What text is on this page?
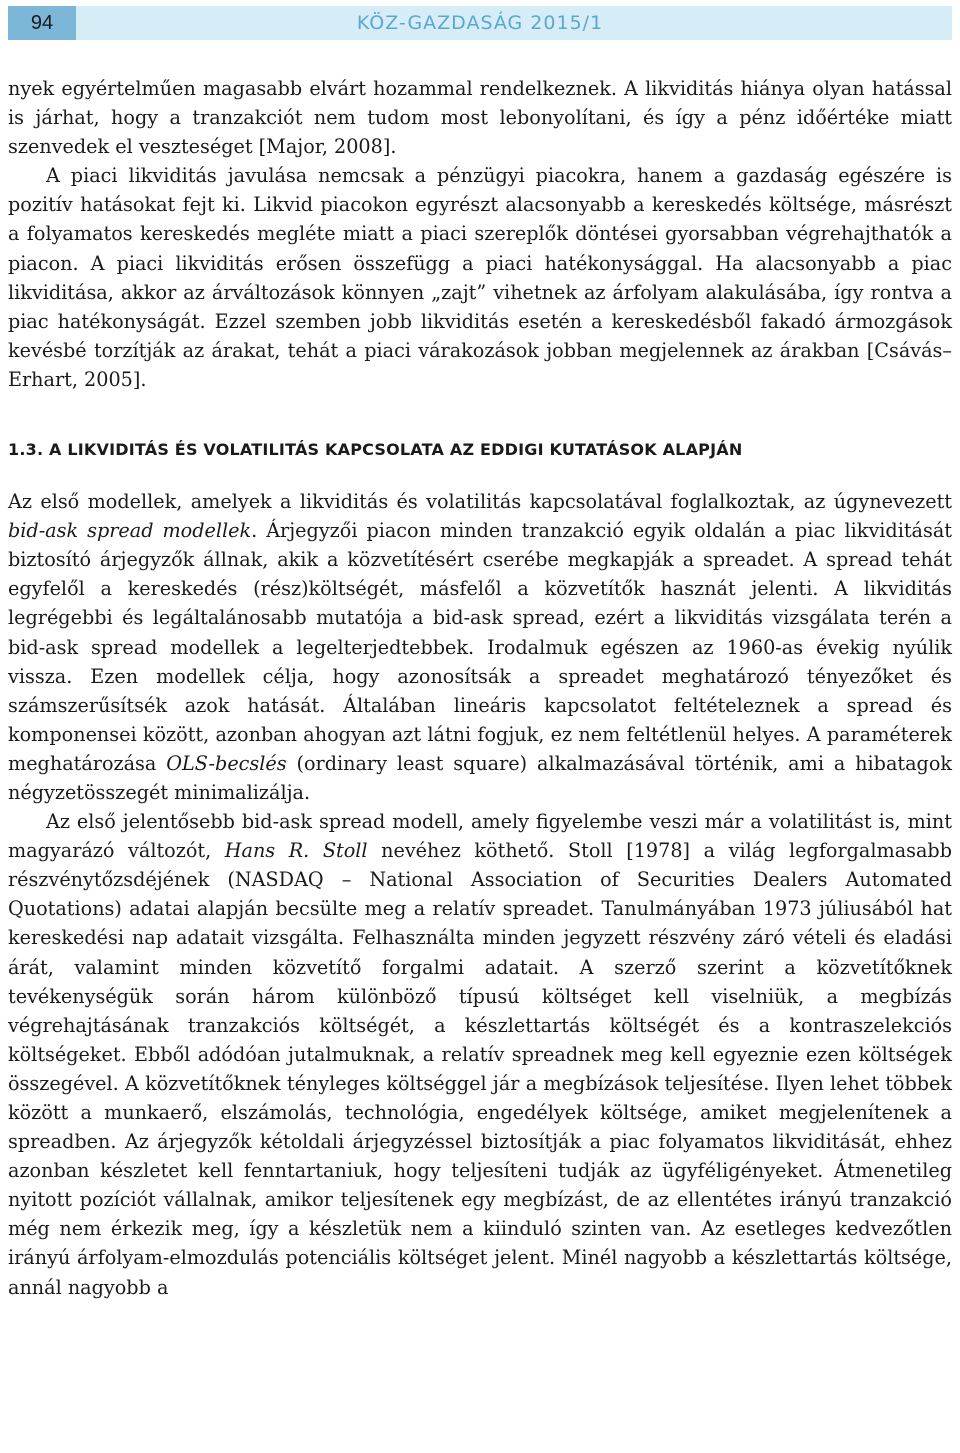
94	KÖZ-GAZDASÁG 2015/1

nyek egyértelműen magasabb elvárt hozammal rendelkeznek. A likviditás hiánya olyan hatással is járhat, hogy a tranzakciót nem tudom most lebonyolítani, és így a pénz időértéke miatt szenvedek el veszteséget [Major, 2008].

A piaci likviditás javulása nemcsak a pénzügyi piacokra, hanem a gazdaság egészére is pozitív hatásokat fejt ki. Likvid piacokon egyrészt alacsonyabb a kereskedés költsége, másrészt a folyamatos kereskedés megléte miatt a piaci szereplők döntései gyorsabban végrehajthatók a piacon. A piaci likviditás erősen összefügg a piaci hatékonysággal. Ha alacsonyabb a piac likviditása, akkor az árváltozások könnyen „zajt” vihetnek az árfolyam alakulásába, így rontva a piac hatékonyságát. Ezzel szemben jobb likviditás esetén a kereskedésből fakadó ármozgások kevésbé torzítják az árakat, tehát a piaci várakozások jobban megjelennek az árakban [Csávás–Erhart, 2005].

1.3. A LIKVIDITÁS ÉS VOLATILITÁS KAPCSOLATA AZ EDDIGI KUTATÁSOK ALAPJÁN

Az első modellek, amelyek a likviditás és volatilitás kapcsolatával foglalkoztak, az úgynevezett bid-ask spread modellek. Árjegyzői piacon minden tranzakció egyik oldalán a piac likviditását biztosító árjegyzők állnak, akik a közvetítésért cserébe megkapják a spreadet. A spread tehát egyfelől a kereskedés (rész)költségét, másfelől a közvetítők hasznát jelenti. A likviditás legrégebbi és legáltalánosabb mutatója a bid-ask spread, ezért a likviditás vizsgálata terén a bid-ask spread modellek a legelterjedtebbek. Irodalmuk egészen az 1960-as évekig nyúlik vissza. Ezen modellek célja, hogy azonosítsák a spreadet meghatározó tényezőket és számszerűsítsék azok hatását. Általában lineáris kapcsolatot feltételeznek a spread és komponensei között, azonban ahogyan azt látni fogjuk, ez nem feltétlenül helyes. A paraméterek meghatározása OLS-becslés (ordinary least square) alkalmazásával történik, ami a hibatagok négyzetösszegét minimalizálja.

Az első jelentősebb bid-ask spread modell, amely figyelembe veszi már a volatilitást is, mint magyarázó változót, Hans R. Stoll nevéhez köthető. Stoll [1978] a világ legforgalmasabb részvénytőzsdéjének (NASDAQ – National Association of Securities Dealers Automated Quotations) adatai alapján becsülte meg a relatív spreadet. Tanulmányában 1973 júliusából hat kereskedési nap adatait vizsgálta. Felhasználta minden jegyzett részvény záró vételi és eladási árát, valamint minden közvetítő forgalmi adatait. A szerző szerint a közvetítőknek tevékenységük során három különböző típusú költséget kell viselniük, a megbízás végrehajtásának tranzakciós költségét, a készlettartás költségét és a kontraszelekciós költségeket. Ebből adódóan jutalmuknak, a relatív spreadnek meg kell egyeznie ezen költségek összegével. A közvetítőknek tényleges költséggel jár a megbízások teljesítése. Ilyen lehet többek között a munkaerő, elszámolás, technológia, engedélyek költsége, amiket megjelenítenek a spreadben. Az árjegyzők kétoldali árjegyzéssel biztosítják a piac folyamatos likviditását, ehhez azonban készletet kell fenntartaniuk, hogy teljesíteni tudják az ügyféligényeket. Átmenetileg nyitott pozíciót vállalnak, amikor teljesítenek egy megbízást, de az ellentétes irányú tranzakció még nem érkezik meg, így a készletük nem a kiinduló szinten van. Az esetleges kedvezőtlen irányú árfolyam-elmozdulás potenciális költséget jelent. Minél nagyobb a készlettartás költsége, annál nagyobb a
